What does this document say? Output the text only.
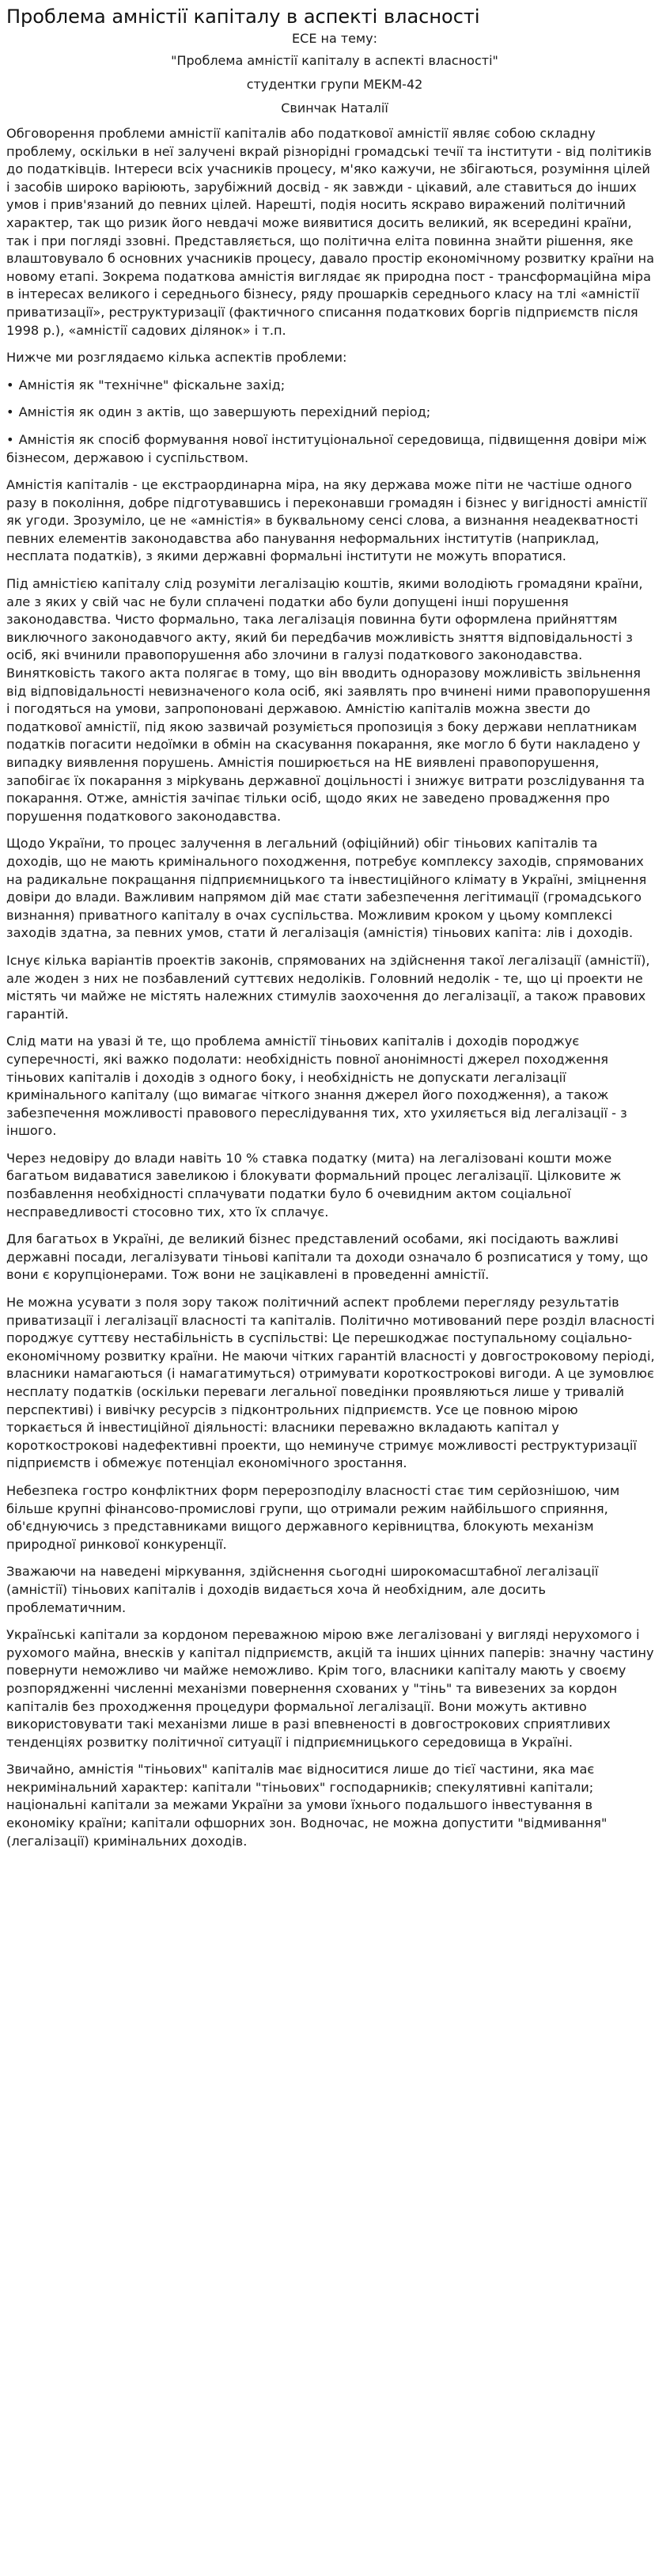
Проблема амністії капіталу в аспекті власності
ЕСЕ на тему:
"Проблема амністії капіталу в аспекті власності"
студентки групи МЕКМ-42
Свинчак Наталії

Обговорення проблеми амністії капіталів або податкової амністії являє собою складну проблему, оскільки в неї залучені вкрай різнорідні громадські течії та інститути - від політиків до податківців. Інтереси всіх учасників процесу, м'яко кажучи, не збігаються, розуміння цілей і засобів широко варіюють, зарубіжний досвід - як завжди - цікавий, але ставиться до інших умов і прив'язаний до певних цілей. Нарешті, подія носить яскраво виражений політичний характер, так що ризик його невдачі може виявитися досить великий, як всередині країни, так і при погляді ззовні. Представляється, що політична еліта повинна знайти рішення, яке влаштовувало б основних учасників процесу, давало простір економічному розвитку країни на новому етапі. Зокрема податкова амністія виглядає як природна пост - трансформаційна міра в інтересах великого і середнього бізнесу, ряду прошарків середнього класу на тлі «амністії приватизації», реструктуризації (фактичного списання податкових боргів підприємств після 1998 р.), «амністії садових ділянок» і т.п.

Нижче ми розглядаємо кілька аспектів проблеми:

• Амністія як "технічне" фіскальне захід;
• Амністія як один з актів, що завершують перехідний період;
• Амністія як спосіб формування нової інституціональної середовища, підвищення довіри між бізнесом, державою і суспільством.

Амністія капіталів - це екстраординарна міра, на яку держава може піти не частіше одного разу в покоління, добре підготувавшись і переконавши громадян і бізнес у вигідності амністії як угоди. Зрозуміло, це не «амністія» в буквальному сенсі слова, а визнання неадекватності певних елементів законодавства або панування неформальних інститутів (наприклад, несплата податків), з якими державні формальні інститути не можуть впоратися.

Під амністією капіталу слід розуміти легалізацію коштів, якими володіють громадяни країни, але з яких у свій час не були сплачені податки або були допущені інші порушення законодавства. Чисто формально, така легалізація повинна бути оформлена прийняттям виключного законодавчого акту, який би передбачив можливість зняття відповідальності з осіб, які вчинили правопорушення або злочини в галузі податкового законодавства. Винятковість такого акта полягає в тому, що він вводить одноразову можливість звільнення від відповідальності невизначеного кола осіб, які заявлять про вчинені ними правопорушення і погодяться на умови, запропоновані державою. Амністію капіталів можна звести до податкової амністії, під якою зазвичай розуміється пропозиція з боку держави неплатникам податків погасити недоїмки в обмін на скасування покарання, яке могло б бути накладено у випадку виявлення порушень. Амністія поширюється на НЕ виявлені правопорушення, запобігає їх покарання з мірkувань державної доцільності і знижує витрати розслідування та покарання. Отже, амністія зачіпає тільки осіб, щодо яких не заведено провадження про порушення податкового законодавства.

Щодо України, то процес залучення в легальний (офіційний) обіг тіньових капіталів та доходів, що не мають кримінального походження, потребує комплексу заходів, спрямованих на радикальне покращання підприємницького та інвестиційного клімату в Україні, зміцнення довіри до влади. Важливим напрямом дій має стати забезпечення легітимації (громадського визнання) приватного капіталу в очах суспільства. Можливим кроком у цьому комплексі заходів здатна, за певних умов, стати й легалізація (амністія) тіньових капіта: лів і доходів.

Існує кілька варіантів проектів законів, спрямованих на здійснення такої легалізації (амністії), але жоден з них не позбавлений суттєвих недоліків. Головний недолік - те, що ці проекти не містять чи майже не містять належних стимулів заохочення до легалізації, а також правових гарантій.

Слід мати на увазі й те, що проблема амністії тіньових капіталів і доходів породжує суперечності, які важко подолати: необхідність повної анонімності джерел походження тіньових капіталів і доходів з одного боку, і необхідність не допускати легалізації кримінального капіталу (що вимагає чіткого знання джерел його походження), а також забезпечення можливості правового переслідування тих, хто ухиляється від легалізації - з іншого.

Через недовіру до влади навіть 10 % ставка податку (мита) на легалізовані кошти може багатьом видаватися завеликою і блокувати формальний процес легалізації. Цілковите ж позбавлення необхідності сплачувати податки було б очевидним актом соціальної несправедливості стосовно тих, хто їх сплачує.

Для багатьох в Україні, де великий бізнес представлений особами, які посідають важливі державні посади, легалізувати тіньові капітали та доходи означало б розписатися у тому, що вони є корупціонерами. Тож вони не зацікавлені в проведенні амністії.

Не можна усувати з поля зору також політичний аспект проблеми перегляду результатів приватизації і легалізації власності та капіталів. Політично мотивований пере розділ власності породжує суттєву нестабільність в суспільстві: Це перешкоджає поступальному соціально-економічному розвитку країни. Не маючи чітких гарантій власності у довгостроковому періоді, власники намагаються (і намагатимуться) отримувати короткострокові вигоди. А це зумовлює несплату податків (оскільки переваги легальної поведінки проявляються лише у тривалій перспективі) і вивічку ресурсів з підконтрольних підприємств. Усе це повною мірою торкається й інвестиційної діяльності: власники переважно вкладають капітал у короткострокові надефективні проекти, що неминуче стримує можливості реструктуризації підприємств і обмежує потенціал економічного зростання.

Небезпека гостро конфліктних форм перерозподілу власності стає тим серйознішою, чим більше крупні фінансово-промислові групи, що отримали режим найбільшого сприяння, об'єднуючись з представниками вищого державного керівництва, блокують механізм природної ринкової конкуренції.

Зважаючи на наведені міркування, здійснення сьогодні широкомасштабної легалізації (амністії) тіньових капіталів і доходів видається хоча й необхідним, але досить проблематичним.

Українські капітали за кордоном переважною мірою вже легалізовані у вигляді нерухомого і рухомого майна, внесків у капітал підприємств, акцій та інших цінних паперів: значну частину повернути неможливо чи майже неможливо. Крім того, власники капіталу мають у своєму розпорядженні численні механізми повернення схованих у "тінь" та вивезених за кордон капіталів без проходження процедури формальної легалізації. Вони можуть активно використовувати такі механізми лише в разі впевненості в довгострокових сприятливих тенденціях розвитку політичної ситуації і підприємницького середовища в Україні.

Звичайно, амністія "тіньових" капіталів має відноситися лише до тієї частини, яка має некримінальний характер: капітали "тіньових" господарників; спекулятивні капітали; національні капітали за межами України за умови їхнього подальшого інвестування в економіку країни; капітали офшорних зон. Водночас, не можна допустити "відмивання" (легалізації) кримінальних доходів.
